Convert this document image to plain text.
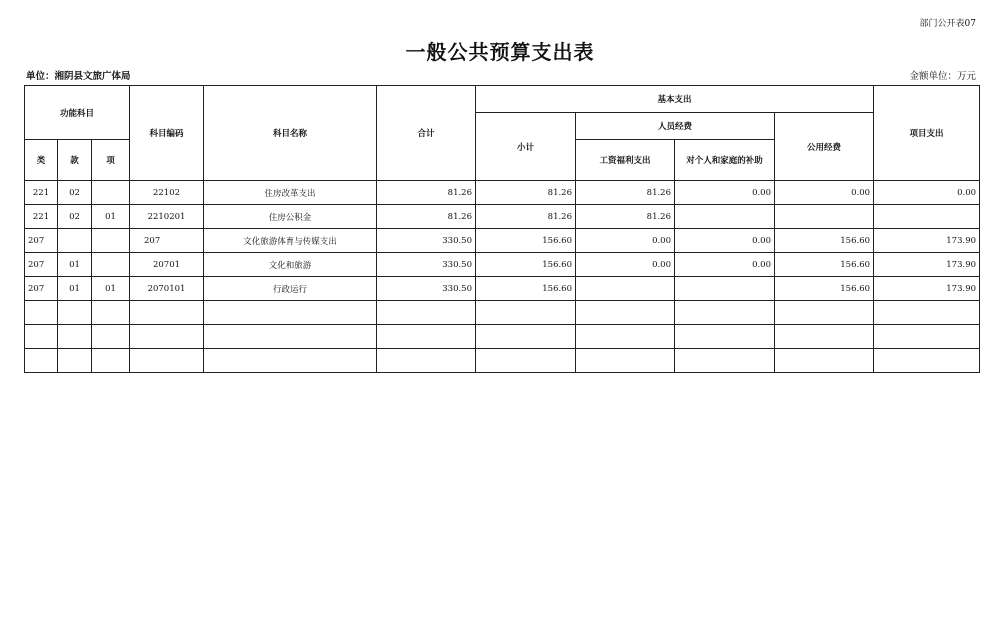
部门公开表07
一般公共预算支出表
单位：湘阴县文旅广体局	金额单位：万元
功能科目			科目编码	科目名称	合计	基本支出				项目支出
						小计	人员经费		公用经费	
类	款	项					工资福利支出	对个人和家庭的补助		
221	02		22102	住房改革支出	81.26	81.26	81.26	0.00	0.00	0.00
221	02	01	2210201	住房公积金	81.26	81.26	81.26			
207			207	文化旅游体育与传媒支出	330.50	156.60	0.00	0.00	156.60	173.90
207	01		20701	文化和旅游	330.50	156.60	0.00	0.00	156.60	173.90
207	01	01	2070101	行政运行	330.50	156.60			156.60	173.90
